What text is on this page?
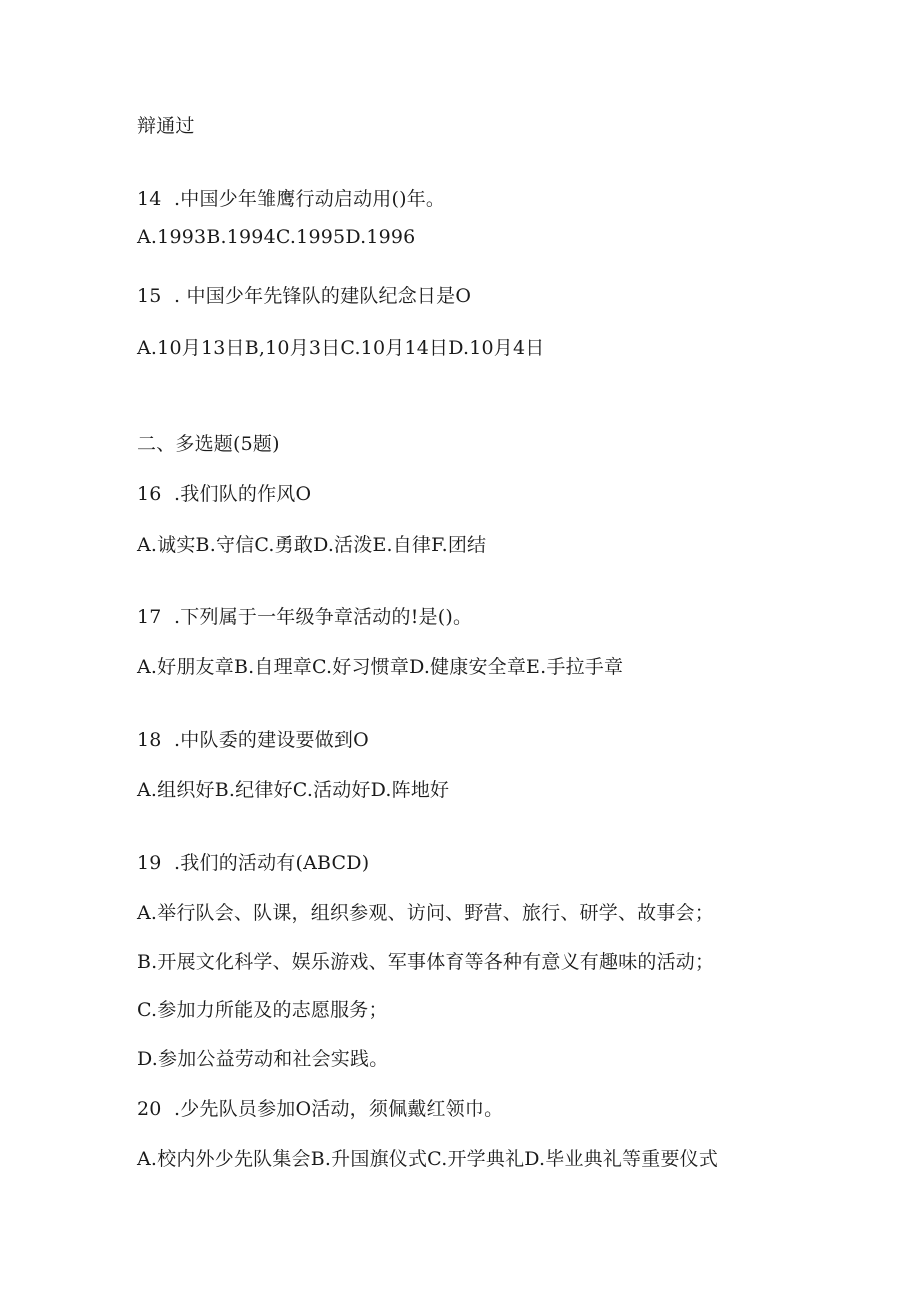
辩通过
14  .中国少年雏鹰行动启动用()年。
A.1993B.1994C.1995D.1996
15  . 中国少年先锋队的建队纪念日是O
A.10月13日B,10月3日C.10月14日D.10月4日
二、多选题(5题)
16  .我们队的作风O
A.诚实B.守信C.勇敢D.活泼E.自律F.团结
17  .下列属于一年级争章活动的!是()。
A.好朋友章B.自理章C.好习惯章D.健康安全章E.手拉手章
18  .中队委的建设要做到O
A.组织好B.纪律好C.活动好D.阵地好
19  .我们的活动有(ABCD)
A.举行队会、队课，组织参观、访问、野营、旅行、研学、故事会；
B.开展文化科学、娱乐游戏、军事体育等各种有意义有趣味的活动；
C.参加力所能及的志愿服务；
D.参加公益劳动和社会实践。
20  .少先队员参加O活动，须佩戴红领巾。
A.校内外少先队集会B.升国旗仪式C.开学典礼D.毕业典礼等重要仪式
